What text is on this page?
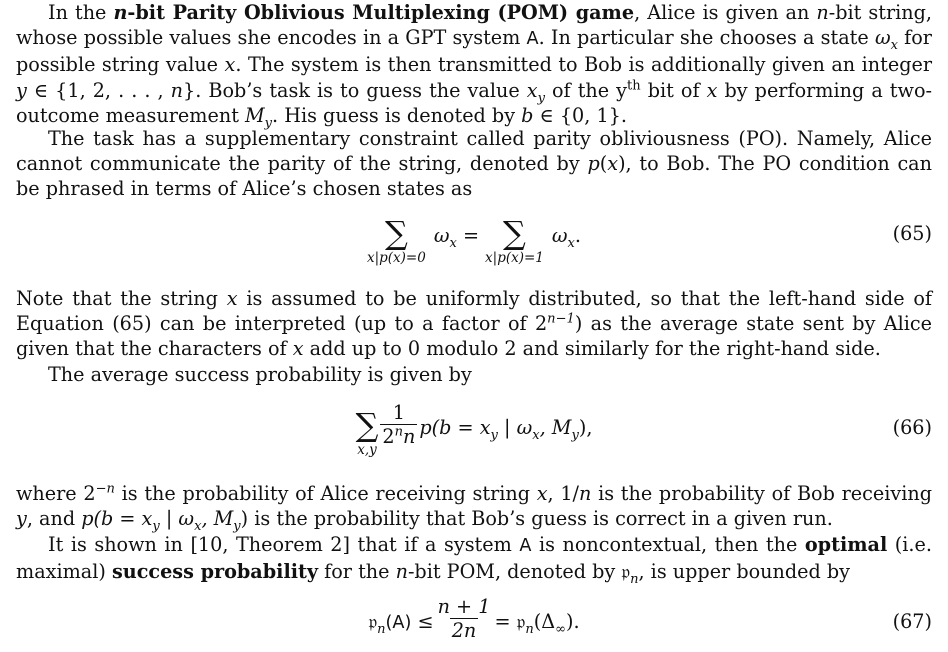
In the n-bit Parity Oblivious Multiplexing (POM) game, Alice is given an n-bit string, whose possible values she encodes in a GPT system A. In particular she chooses a state $\omega_x$ for possible string value x. The system is then transmitted to Bob is additionally given an integer y ∈ {1, 2, . . . , n}. Bob’s task is to guess the value $x_y$ of the $y^{th}$ bit of x by performing a two-outcome measurement $M_y$. His guess is denoted by b ∈ {0, 1}.

The task has a supplementary constraint called parity obliviousness (PO). Namely, Alice cannot communicate the parity of the string, denoted by p(x), to Bob. The PO condition can be phrased in terms of Alice’s chosen states as

∑
x|p(x)=0
$\omega_x$ = ∑
x|p(x)=1
$\omega_x$.	(65)

Note that the string x is assumed to be uniformly distributed, so that the left-hand side of Equation (65) can be interpreted (up to a factor of $2^{n-1}$) as the average state sent by Alice given that the characters of x add up to 0 modulo 2 and similarly for the right-hand side.

The average success probability is given by

∑
x,y
$\frac{1}{2^nn} p(b = x_y$ | $\omega_x$, $M_y$),	(66)

where $2^{-n}$ is the probability of Alice receiving string x, 1/n is the probability of Bob receiving y, and $p(b = x_y$ | $\omega_x$, $M_y$) is the probability that Bob’s guess is correct in a given run.

It is shown in [10, Theorem 2] that if a system A is noncontextual, then the optimal (i.e. maximal) success probability for the n-bit POM, denoted by 𝔭$_n$, is upper bounded by

𝔭$_n$(A) ≤ $\frac{n + 1}{2n}$ = $𝔭_n(\Delta_\infty)$.	(67)
